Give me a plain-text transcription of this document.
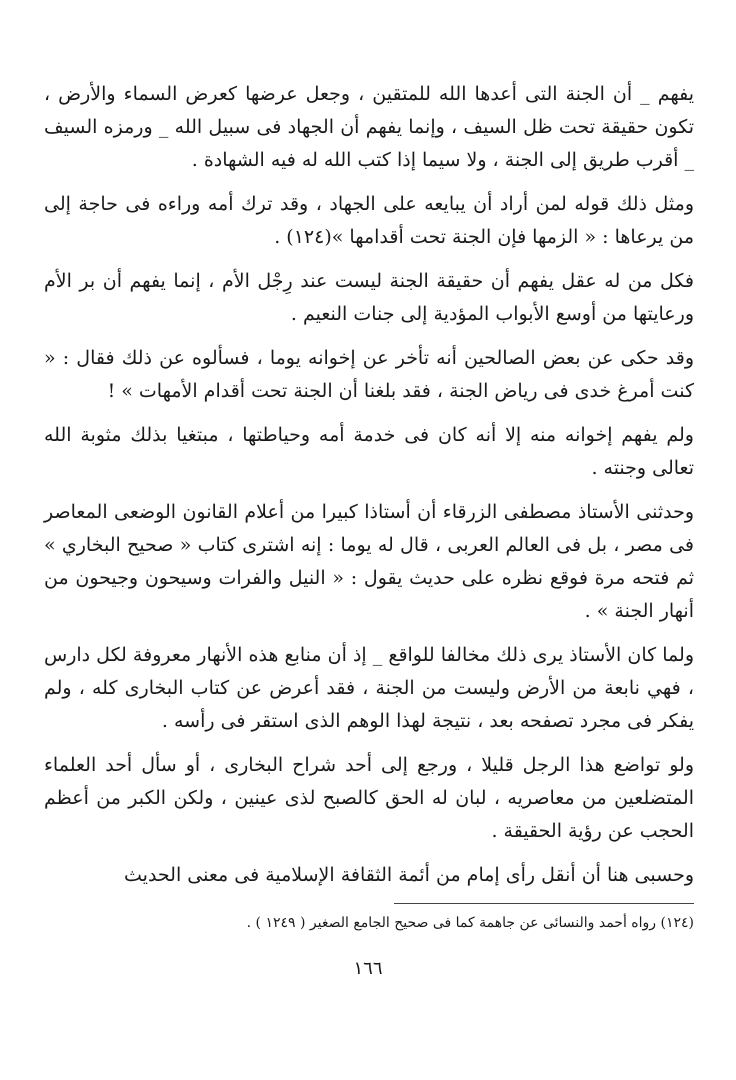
يفهم _ أن الجنة التى أعدها الله للمتقين ، وجعل عرضها كعرض السماء والأرض ، تكون حقيقة تحت ظل السيف ، وإنما يفهم أن الجهاد فى سبيل الله _ ورمزه السيف _ أقرب طريق إلى الجنة ، ولا سيما إذا كتب الله له فيه الشهادة .

ومثل ذلك قوله لمن أراد أن يبايعه على الجهاد ، وقد ترك أمه وراءه فى حاجة إلى من يرعاها : « الزمها فإن الجنة تحت أقدامها »(١٢٤) .

فكل من له عقل يفهم أن حقيقة الجنة ليست عند رِجْل الأم ، إنما يفهم أن بر الأم ورعايتها من أوسع الأبواب المؤدية إلى جنات النعيم .

وقد حكى عن بعض الصالحين أنه تأخر عن إخوانه يوما ، فسألوه عن ذلك فقال : « كنت أمرغ خدى فى رياض الجنة ، فقد بلغنا أن الجنة تحت أقدام الأمهات » !

ولم يفهم إخوانه منه إلا أنه كان فى خدمة أمه وحياطتها ، مبتغيا بذلك مثوبة الله تعالى وجنته .

وحدثنى الأستاذ مصطفى الزرقاء أن أستاذا كبيرا من أعلام القانون الوضعى المعاصر فى مصر ، بل فى العالم العربى ، قال له يوما : إنه اشترى كتاب « صحيح البخاري » ثم فتحه مرة فوقع نظره على حديث يقول : « النيل والفرات وسيحون وجيحون من أنهار الجنة » .

ولما كان الأستاذ يرى ذلك مخالفا للواقع _ إذ أن منابع هذه الأنهار معروفة لكل دارس ، فهي نابعة من الأرض وليست من الجنة ، فقد أعرض عن كتاب البخارى كله ، ولم يفكر فى مجرد تصفحه بعد ، نتيجة لهذا الوهم الذى استقر فى رأسه .

ولو تواضع هذا الرجل قليلا ، ورجع إلى أحد شراح البخارى ، أو سأل أحد العلماء المتضلعين من معاصريه ، لبان له الحق كالصبح لذى عينين ، ولكن الكبر من أعظم الحجب عن رؤية الحقيقة .

وحسبى هنا أن أنقل رأى إمام من أئمة الثقافة الإسلامية فى معنى الحديث

(١٢٤) رواه أحمد والنسائى عن جاهمة كما فى صحيح الجامع الصغير ( ١٢٤٩ ) .
١٦٦
